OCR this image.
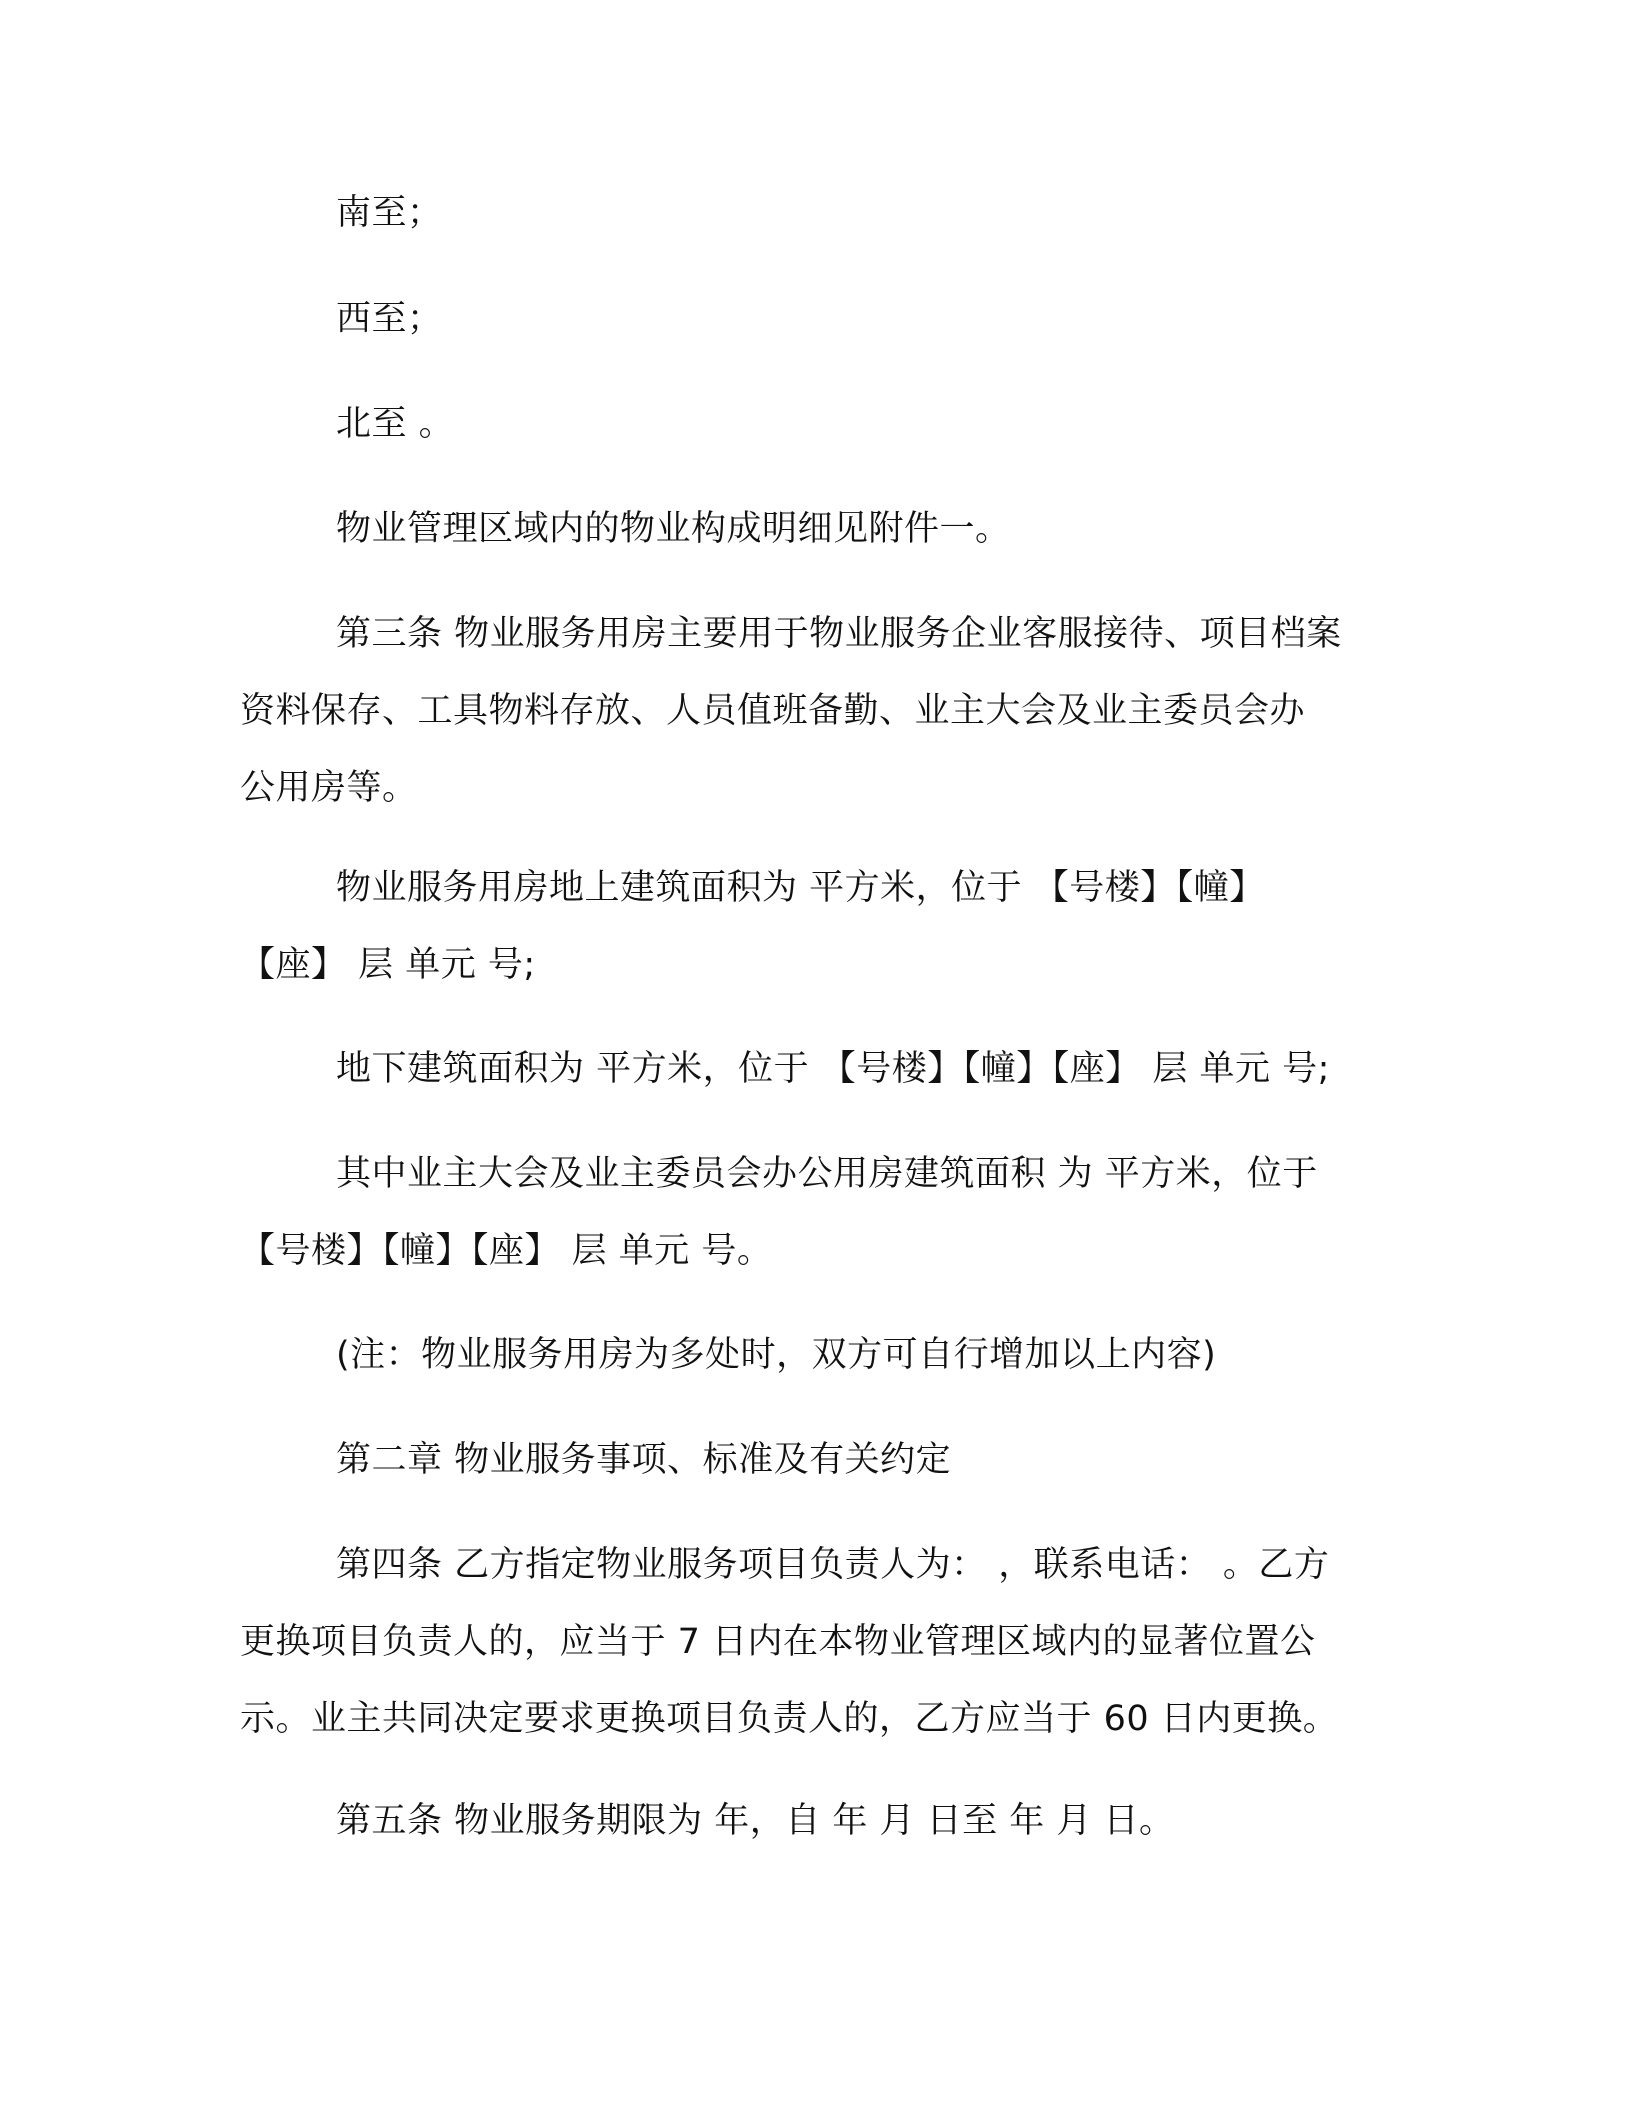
南至；

西至；

北至 。

物业管理区域内的物业构成明细见附件一。

第三条 物业服务用房主要用于物业服务企业客服接待、项目档案
资料保存、工具物料存放、人员值班备勤、业主大会及业主委员会办
公用房等。

物业服务用房地上建筑面积为 平方米，位于 【号楼】【幢】
【座】 层 单元 号;

地下建筑面积为 平方米，位于 【号楼】【幢】【座】 层 单元 号;

其中业主大会及业主委员会办公用房建筑面积 为 平方米，位于
【号楼】【幢】【座】 层 单元 号。

(注：物业服务用房为多处时，双方可自行增加以上内容)

第二章 物业服务事项、标准及有关约定

第四条 乙方指定物业服务项目负责人为： ，联系电话： 。乙方
更换项目负责人的，应当于 7 日内在本物业管理区域内的显著位置公
示。业主共同决定要求更换项目负责人的，乙方应当于 60 日内更换。

第五条 物业服务期限为 年，自 年 月 日至 年 月 日。
